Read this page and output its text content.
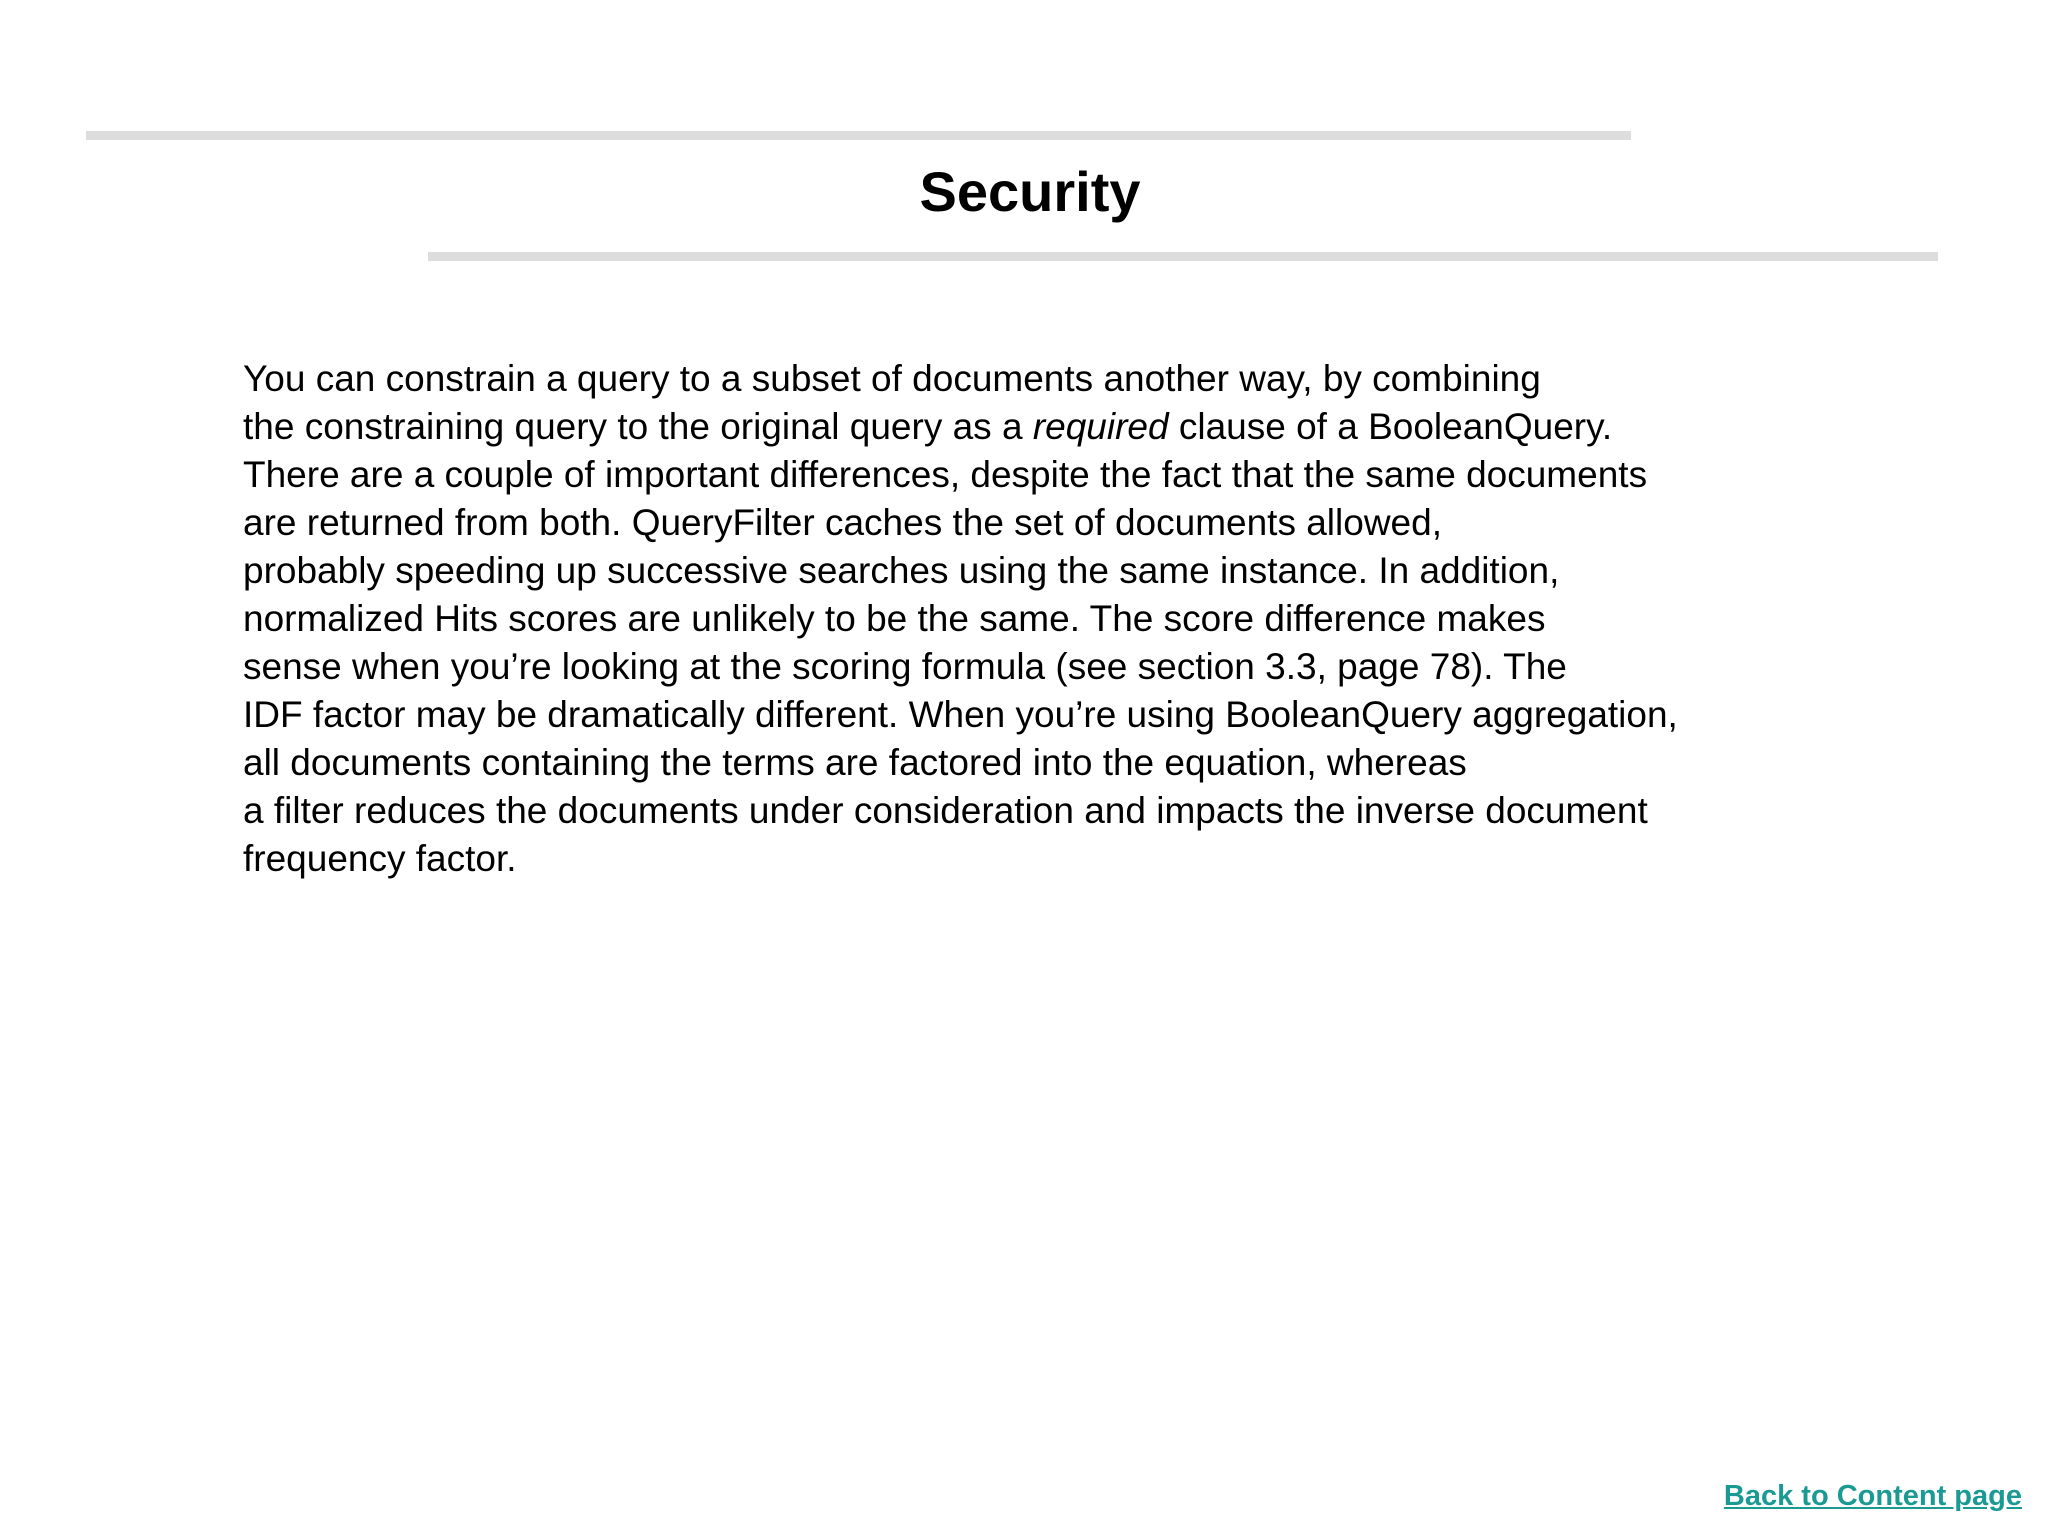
Security

You can constrain a query to a subset of documents another way, by combining
the constraining query to the original query as a required clause of a BooleanQuery.
There are a couple of important differences, despite the fact that the same documents
are returned from both. QueryFilter caches the set of documents allowed,
probably speeding up successive searches using the same instance. In addition,
normalized Hits scores are unlikely to be the same. The score difference makes
sense when you’re looking at the scoring formula (see section 3.3, page 78). The
IDF factor may be dramatically different. When you’re using BooleanQuery aggregation,
all documents containing the terms are factored into the equation, whereas
a filter reduces the documents under consideration and impacts the inverse document
frequency factor.

Back to Content page
